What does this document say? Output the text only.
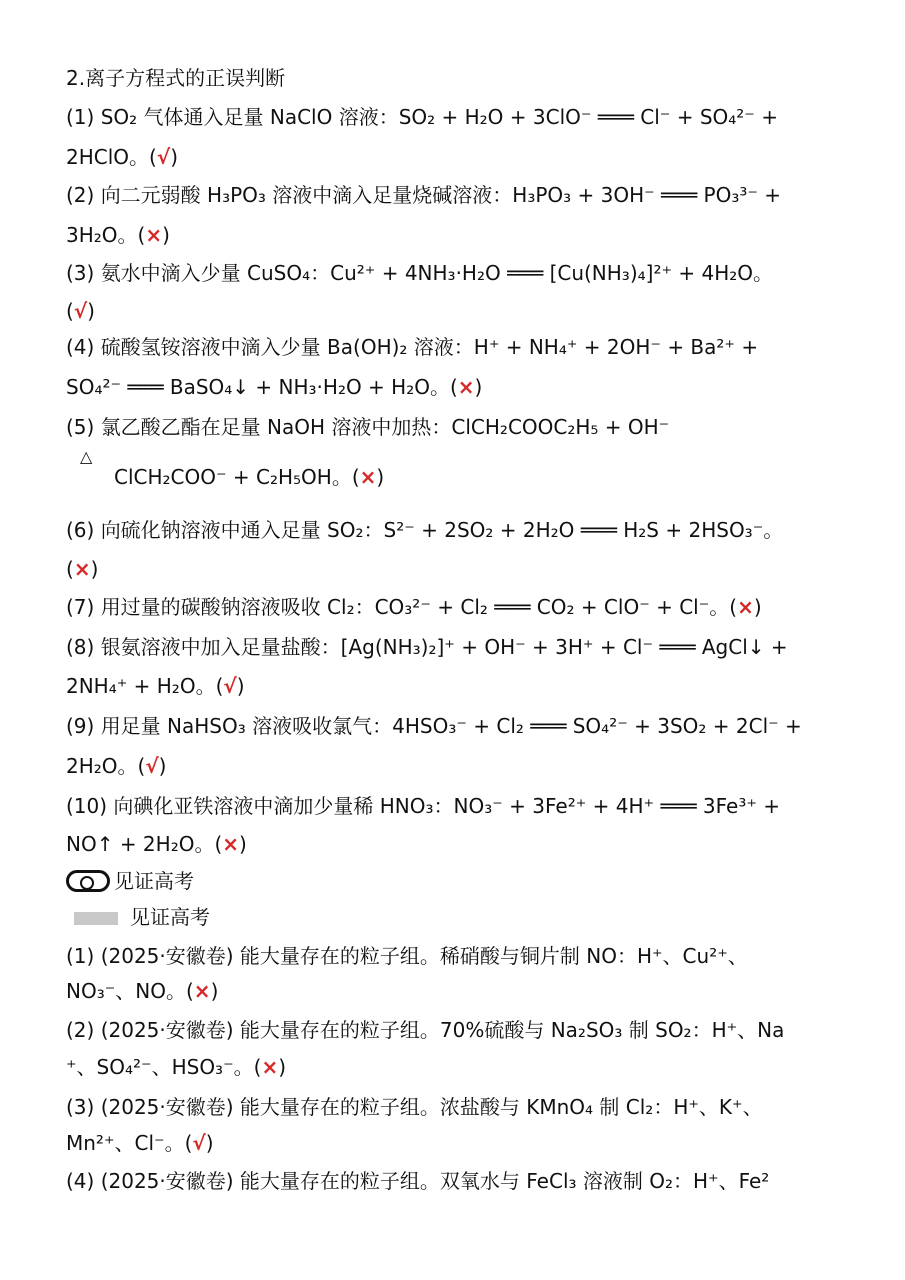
2.离子方程式的正误判断
(1) SO₂ 气体通入足量 NaClO 溶液：SO₂ + H₂O + 3ClO⁻ ═══ Cl⁻ + SO₄²⁻ +
2HClO。(√)
(2) 向二元弱酸 H₃PO₃ 溶液中滴入足量烧碱溶液：H₃PO₃ + 3OH⁻ ═══ PO₃³⁻ +
3H₂O。(×)
(3) 氨水中滴入少量 CuSO₄：Cu²⁺ + 4NH₃·H₂O ═══ [Cu(NH₃)₄]²⁺ + 4H₂O。
(√)
(4) 硫酸氢铵溶液中滴入少量 Ba(OH)₂ 溶液：H⁺ + NH₄⁺ + 2OH⁻ + Ba²⁺ +
SO₄²⁻ ═══ BaSO₄↓ + NH₃·H₂O + H₂O。(×)
(5) 氯乙酸乙酯在足量 NaOH 溶液中加热：ClCH₂COOC₂H₅ + OH⁻
△
ClCH₂COO⁻ + C₂H₅OH。(×)
(6) 向硫化钠溶液中通入足量 SO₂：S²⁻ + 2SO₂ + 2H₂O ═══ H₂S + 2HSO₃⁻。
(×)
(7) 用过量的碳酸钠溶液吸收 Cl₂：CO₃²⁻ + Cl₂ ═══ CO₂ + ClO⁻ + Cl⁻。(×)
(8) 银氨溶液中加入足量盐酸：[Ag(NH₃)₂]⁺ + OH⁻ + 3H⁺ + Cl⁻ ═══ AgCl↓ +
2NH₄⁺ + H₂O。(√)
(9) 用足量 NaHSO₃ 溶液吸收氯气：4HSO₃⁻ + Cl₂ ═══ SO₄²⁻ + 3SO₂ + 2Cl⁻ +
2H₂O。(√)
(10) 向碘化亚铁溶液中滴加少量稀 HNO₃：NO₃⁻ + 3Fe²⁺ + 4H⁺ ═══ 3Fe³⁺ +
NO↑ + 2H₂O。(×)
见证高考
见证高考
(1) (2025·安徽卷) 能大量存在的粒子组。稀硝酸与铜片制 NO：H⁺、Cu²⁺、
NO₃⁻、NO。(×)
(2) (2025·安徽卷) 能大量存在的粒子组。70%硫酸与 Na₂SO₃ 制 SO₂：H⁺、Na
⁺、SO₄²⁻、HSO₃⁻。(×)
(3) (2025·安徽卷) 能大量存在的粒子组。浓盐酸与 KMnO₄ 制 Cl₂：H⁺、K⁺、
Mn²⁺、Cl⁻。(√)
(4) (2025·安徽卷) 能大量存在的粒子组。双氧水与 FeCl₃ 溶液制 O₂：H⁺、Fe²
